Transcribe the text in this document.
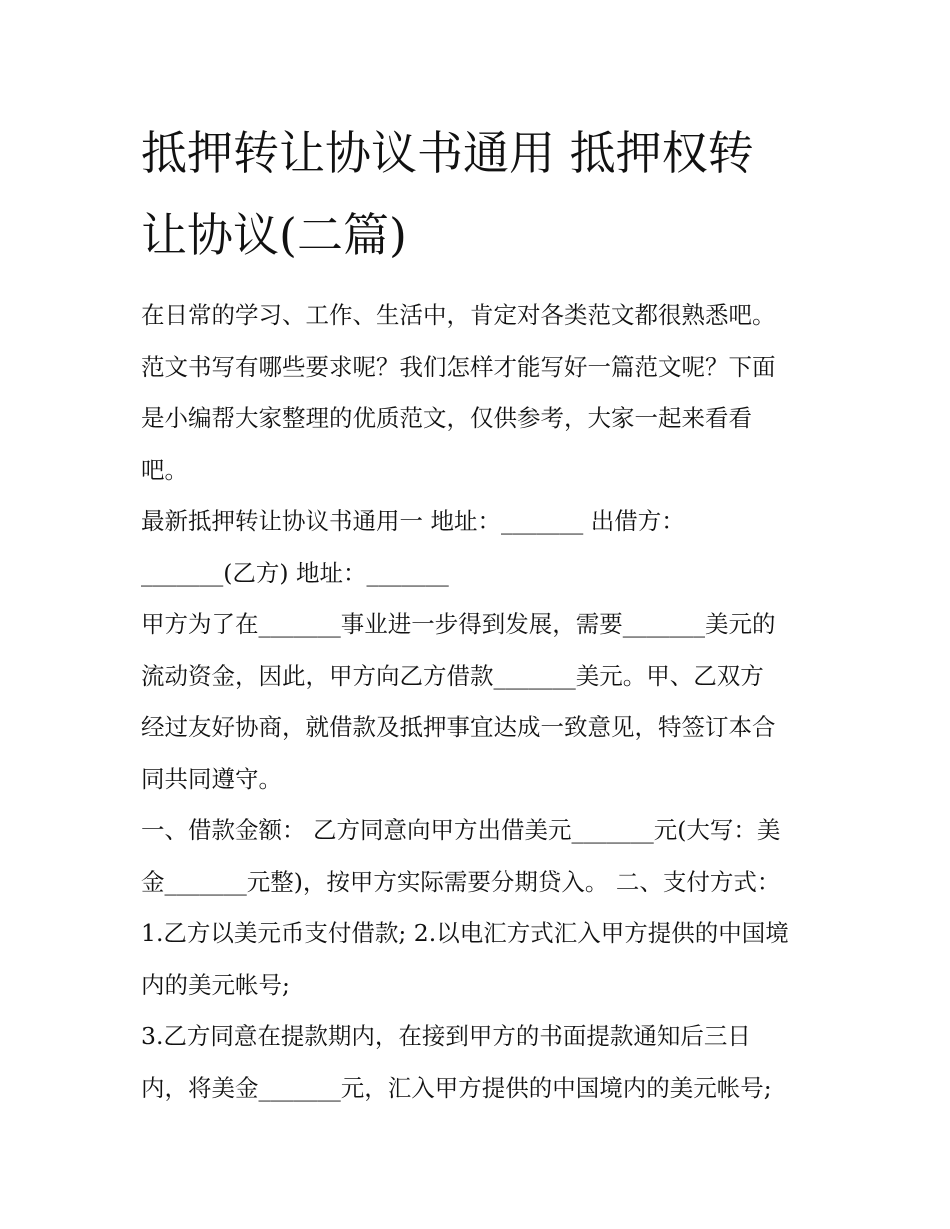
抵押转让协议书通用 抵押权转
让协议(二篇)

在日常的学习、工作、生活中，肯定对各类范文都很熟悉吧。

范文书写有哪些要求呢？我们怎样才能写好一篇范文呢？下面

是小编帮大家整理的优质范文，仅供参考，大家一起来看看

吧。

最新抵押转让协议书通用一 地址：_______ 出借方：

_______(乙方) 地址：_______

甲方为了在_______事业进一步得到发展，需要_______美元的

流动资金，因此，甲方向乙方借款_______美元。甲、乙双方

经过友好协商，就借款及抵押事宜达成一致意见，特签订本合

同共同遵守。

一、借款金额： 乙方同意向甲方出借美元_______元(大写：美

金_______元整)，按甲方实际需要分期贷入。 二、支付方式：

1.乙方以美元币支付借款; 2.以电汇方式汇入甲方提供的中国境

内的美元帐号;

3.乙方同意在提款期内，在接到甲方的书面提款通知后三日

内，将美金_______元，汇入甲方提供的中国境内的美元帐号;
